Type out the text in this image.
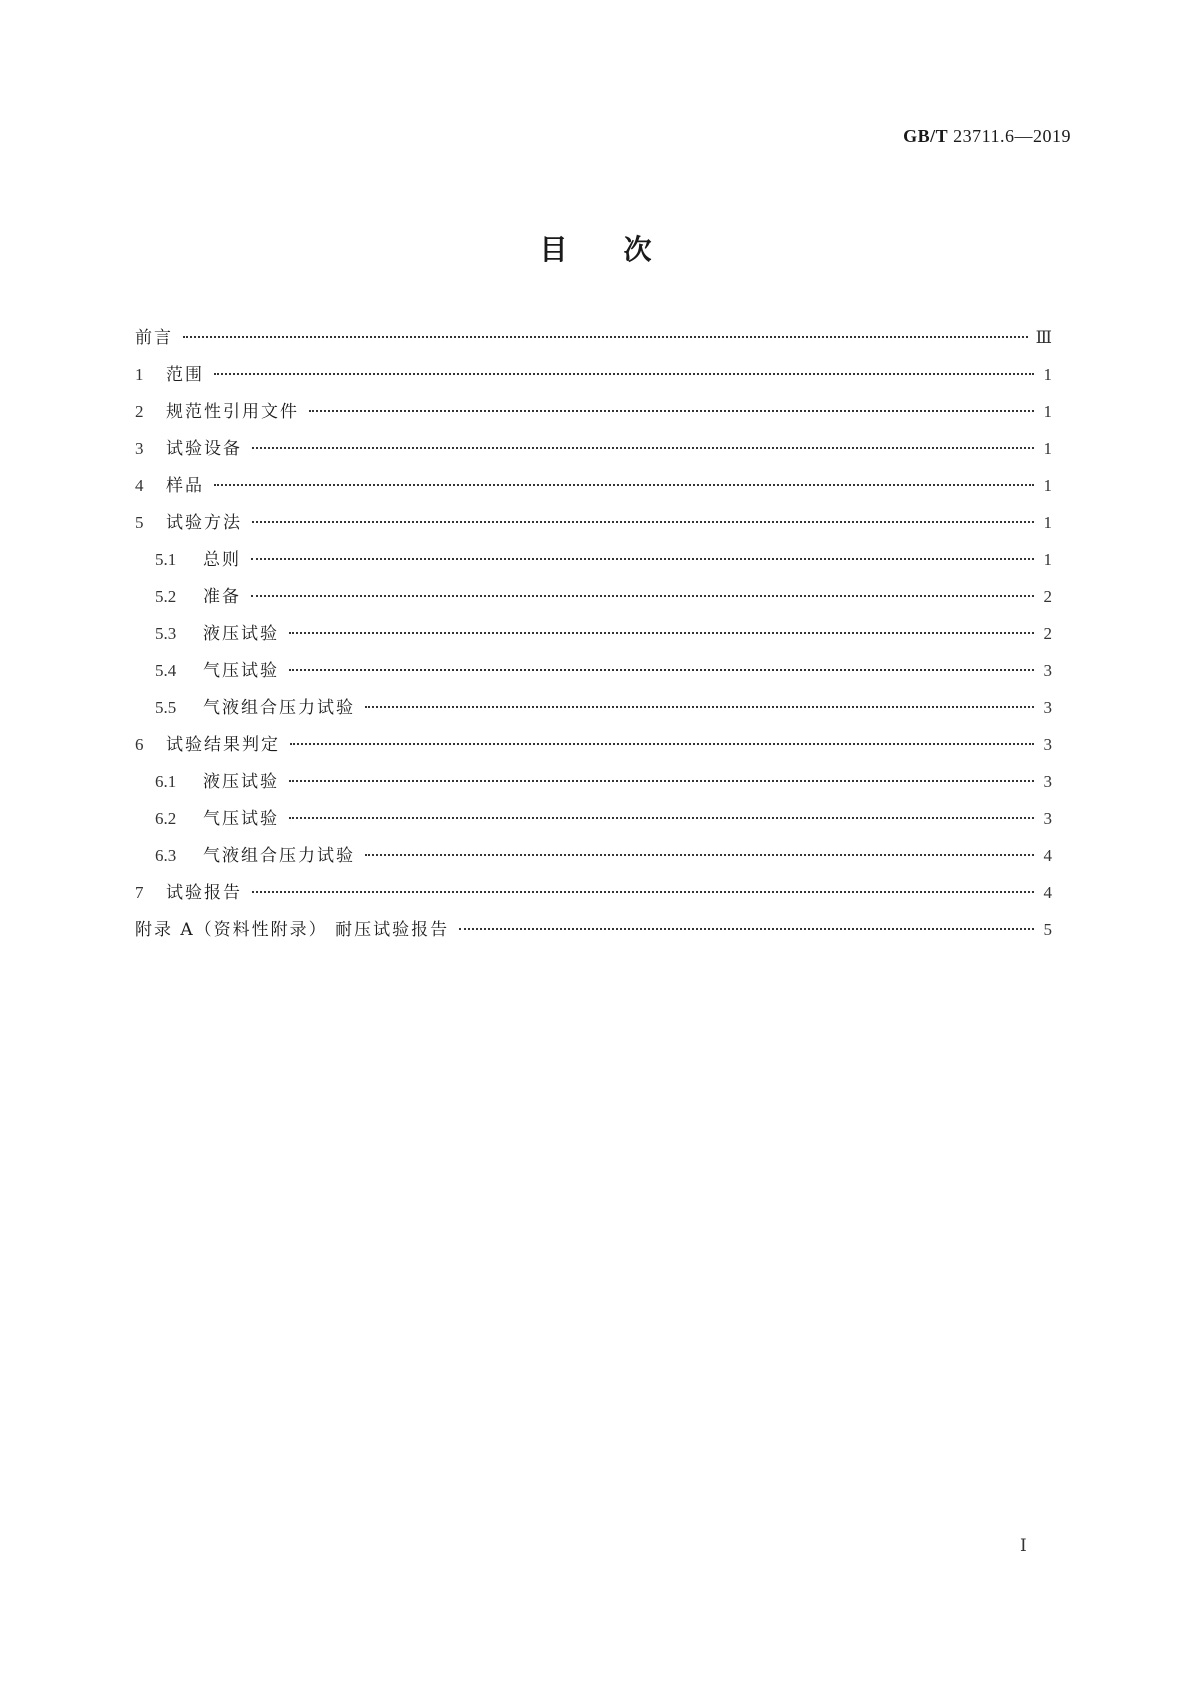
GB/T 23711.6—2019
目次
前言	Ⅲ
1	范围	1
2	规范性引用文件	1
3	试验设备	1
4	样品	1
5	试验方法	1
5.1	总则	1
5.2	准备	2
5.3	液压试验	2
5.4	气压试验	3
5.5	气液组合压力试验	3
6	试验结果判定	3
6.1	液压试验	3
6.2	气压试验	3
6.3	气液组合压力试验	4
7	试验报告	4
附录 A（资料性附录） 耐压试验报告	5
Ⅰ
